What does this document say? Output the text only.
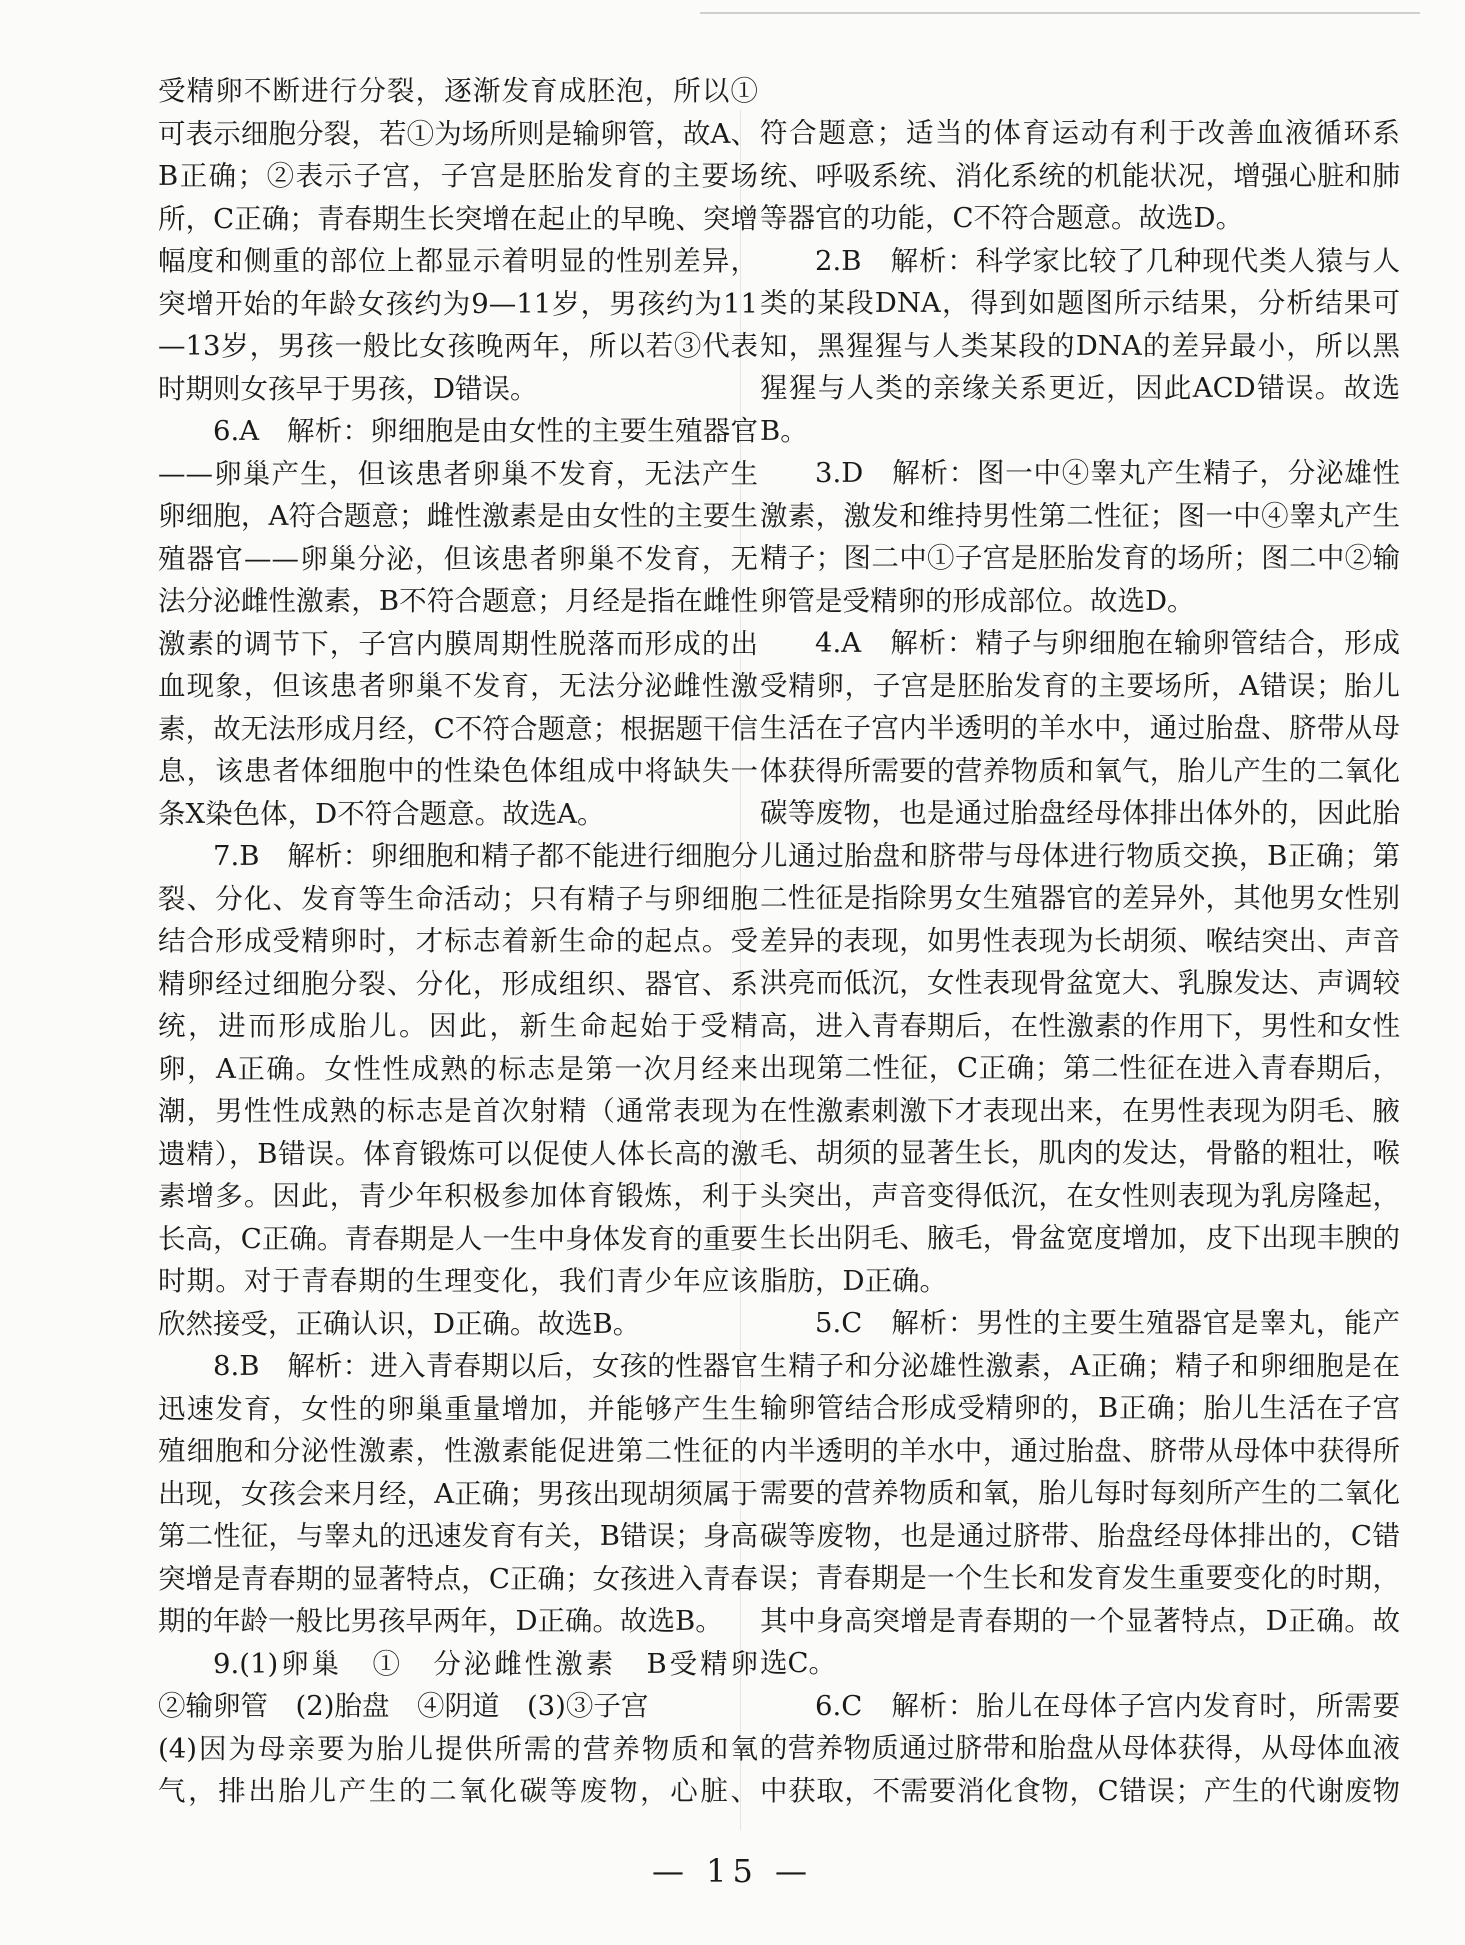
受精卵不断进行分裂，逐渐发育成胚泡，所以①可表示细胞分裂，若①为场所则是输卵管，故A、B正确；②表示子宫，子宫是胚胎发育的主要场所，C正确；青春期生长突增在起止的早晚、突增幅度和侧重的部位上都显示着明显的性别差异，突增开始的年龄女孩约为9—11岁，男孩约为11—13岁，男孩一般比女孩晚两年，所以若③代表时期则女孩早于男孩，D错误。

6.A　解析：卵细胞是由女性的主要生殖器官——卵巢产生，但该患者卵巢不发育，无法产生卵细胞，A符合题意；雌性激素是由女性的主要生殖器官——卵巢分泌，但该患者卵巢不发育，无法分泌雌性激素，B不符合题意；月经是指在雌性激素的调节下，子宫内膜周期性脱落而形成的出血现象，但该患者卵巢不发育，无法分泌雌性激素，故无法形成月经，C不符合题意；根据题干信息，该患者体细胞中的性染色体组成中将缺失一条X染色体，D不符合题意。故选A。

7.B　解析：卵细胞和精子都不能进行细胞分裂、分化、发育等生命活动；只有精子与卵细胞结合形成受精卵时，才标志着新生命的起点。受精卵经过细胞分裂、分化，形成组织、器官、系统，进而形成胎儿。因此，新生命起始于受精卵，A正确。女性性成熟的标志是第一次月经来潮，男性性成熟的标志是首次射精（通常表现为遗精），B错误。体育锻炼可以促使人体长高的激素增多。因此，青少年积极参加体育锻炼，利于长高，C正确。青春期是人一生中身体发育的重要时期。对于青春期的生理变化，我们青少年应该欣然接受，正确认识，D正确。故选B。

8.B　解析：进入青春期以后，女孩的性器官迅速发育，女性的卵巢重量增加，并能够产生生殖细胞和分泌性激素，性激素能促进第二性征的出现，女孩会来月经，A正确；男孩出现胡须属于第二性征，与睾丸的迅速发育有关，B错误；身高突增是青春期的显著特点，C正确；女孩进入青春期的年龄一般比男孩早两年，D正确。故选B。

9.(1)卵巢　①　分泌雌性激素　B受精卵　②输卵管　(2)胎盘　④阴道　(3)③子宫

(4)因为母亲要为胎儿提供所需的营养物质和氧气，排出胎儿产生的二氧化碳等废物，心脏、

符合题意；适当的体育运动有利于改善血液循环系统、呼吸系统、消化系统的机能状况，增强心脏和肺等器官的功能，C不符合题意。故选D。

2.B　解析：科学家比较了几种现代类人猿与人类的某段DNA，得到如题图所示结果，分析结果可知，黑猩猩与人类某段的DNA的差异最小，所以黑猩猩与人类的亲缘关系更近，因此ACD错误。故选B。

3.D　解析：图一中④睾丸产生精子，分泌雄性激素，激发和维持男性第二性征；图一中④睾丸产生精子；图二中①子宫是胚胎发育的场所；图二中②输卵管是受精卵的形成部位。故选D。

4.A　解析：精子与卵细胞在输卵管结合，形成受精卵，子宫是胚胎发育的主要场所，A错误；胎儿生活在子宫内半透明的羊水中，通过胎盘、脐带从母体获得所需要的营养物质和氧气，胎儿产生的二氧化碳等废物，也是通过胎盘经母体排出体外的，因此胎儿通过胎盘和脐带与母体进行物质交换，B正确；第二性征是指除男女生殖器官的差异外，其他男女性别差异的表现，如男性表现为长胡须、喉结突出、声音洪亮而低沉，女性表现骨盆宽大、乳腺发达、声调较高，进入青春期后，在性激素的作用下，男性和女性出现第二性征，C正确；第二性征在进入青春期后，在性激素刺激下才表现出来，在男性表现为阴毛、腋毛、胡须的显著生长，肌肉的发达，骨骼的粗壮，喉头突出，声音变得低沉，在女性则表现为乳房隆起，生长出阴毛、腋毛，骨盆宽度增加，皮下出现丰腴的脂肪，D正确。

5.C　解析：男性的主要生殖器官是睾丸，能产生精子和分泌雄性激素，A正确；精子和卵细胞是在输卵管结合形成受精卵的，B正确；胎儿生活在子宫内半透明的羊水中，通过胎盘、脐带从母体中获得所需要的营养物质和氧，胎儿每时每刻所产生的二氧化碳等废物，也是通过脐带、胎盘经母体排出的，C错误；青春期是一个生长和发育发生重要变化的时期，其中身高突增是青春期的一个显著特点，D正确。故选C。

6.C　解析：胎儿在母体子宫内发育时，所需要的营养物质通过脐带和胎盘从母体获得，从母体血液中获取，不需要消化食物，C错误；产生的代谢废物

— 15 —
